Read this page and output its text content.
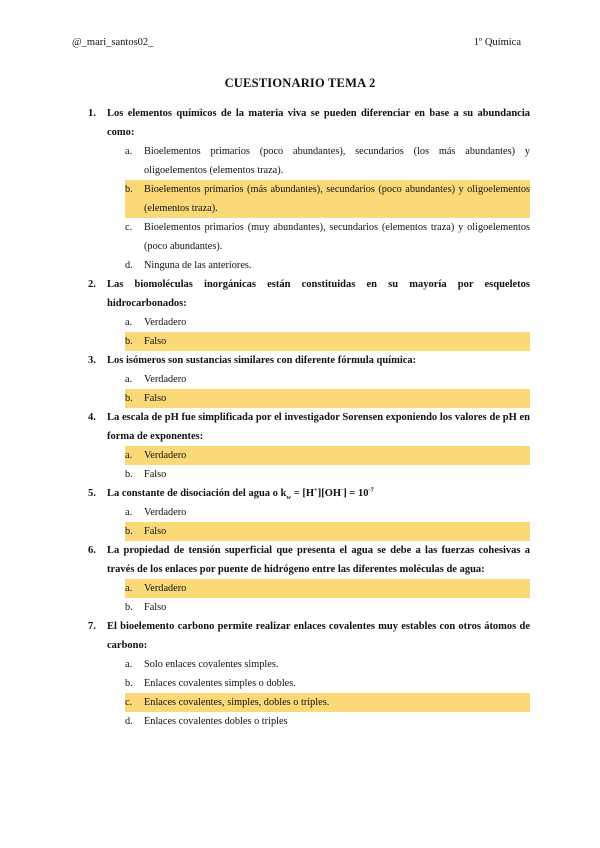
@_mari_santos02_	1º Química
CUESTIONARIO TEMA 2
1.	Los elementos químicos de la materia viva se pueden diferenciar en base a su abundancia como:
a.	Bioelementos primarios (poco abundantes), secundarios (los más abundantes) y oligoelementos (elementos traza).
b.	Bioelementos primarios (más abundantes), secundarios (poco abundantes) y oligoelementos (elementos traza).
c.	Bioelementos primarios (muy abundantes), secundarios (elementos traza) y oligoelementos (poco abundantes).
d.	Ninguna de las anteriores.
2.	Las biomoléculas inorgánicas están constituidas en su mayoría por esqueletos hidrocarbonados:
a.	Verdadero
b.	Falso
3.	Los isómeros son sustancias similares con diferente fórmula química:
a.	Verdadero
b.	Falso
4.	La escala de pH fue simplificada por el investigador Sorensen exponiendo los valores de pH en forma de exponentes:
a.	Verdadero
b.	Falso
5.	La constante de disociación del agua o $k_w = [H^+][OH^-] = 10^{-7}$
a.	Verdadero
b.	Falso
6.	La propiedad de tensión superficial que presenta el agua se debe a las fuerzas cohesivas a través de los enlaces por puente de hidrógeno entre las diferentes moléculas de agua:
a.	Verdadero
b.	Falso
7.	El bioelemento carbono permite realizar enlaces covalentes muy estables con otros átomos de carbono:
a.	Solo enlaces covalentes simples.
b.	Enlaces covalentes simples o dobles.
c.	Enlaces covalentes, simples, dobles o triples.
d.	Enlaces covalentes dobles o triples
